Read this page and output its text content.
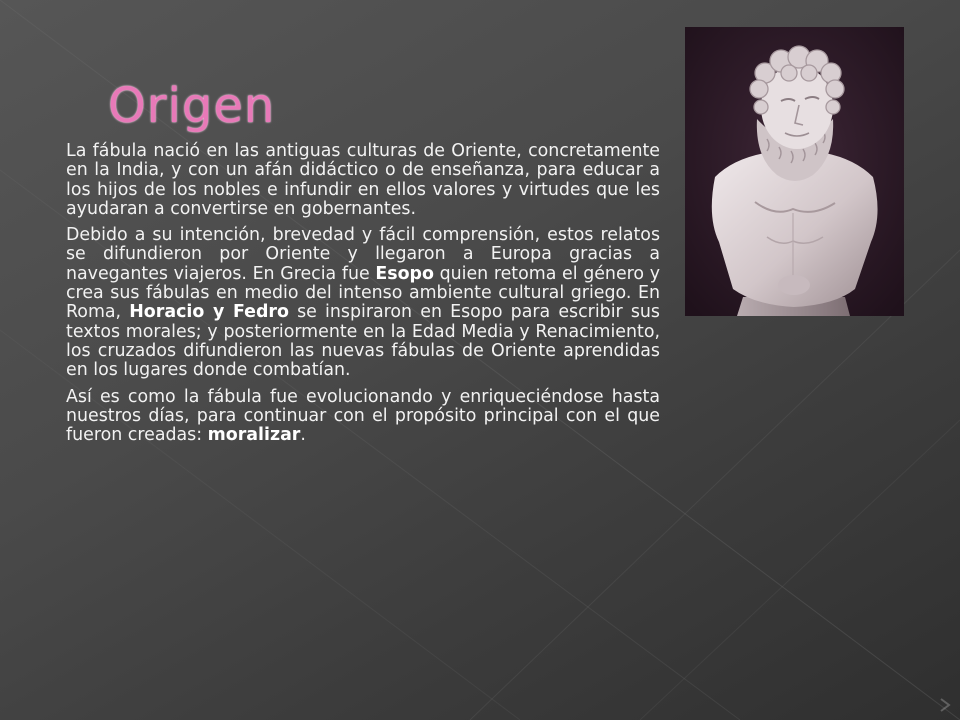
Origen

La fábula nació en las antiguas culturas de Oriente, concretamente en la India, y con un afán didáctico o de enseñanza, para educar a los hijos de los nobles e infundir en ellos valores y virtudes que les ayudaran a convertirse en gobernantes.

Debido a su intención, brevedad y fácil comprensión, estos relatos se difundieron por Oriente y llegaron a Europa gracias a navegantes viajeros. En Grecia fue Esopo quien retoma el género y crea sus fábulas en medio del intenso ambiente cultural griego. En Roma, Horacio y Fedro se inspiraron en Esopo para escribir sus textos morales; y posteriormente en la Edad Media y Renacimiento, los cruzados difundieron las nuevas fábulas de Oriente aprendidas en los lugares donde combatían.

Así es como la fábula fue evolucionando y enriqueciéndose hasta nuestros días, para continuar con el propósito principal con el que fueron creadas: moralizar.
